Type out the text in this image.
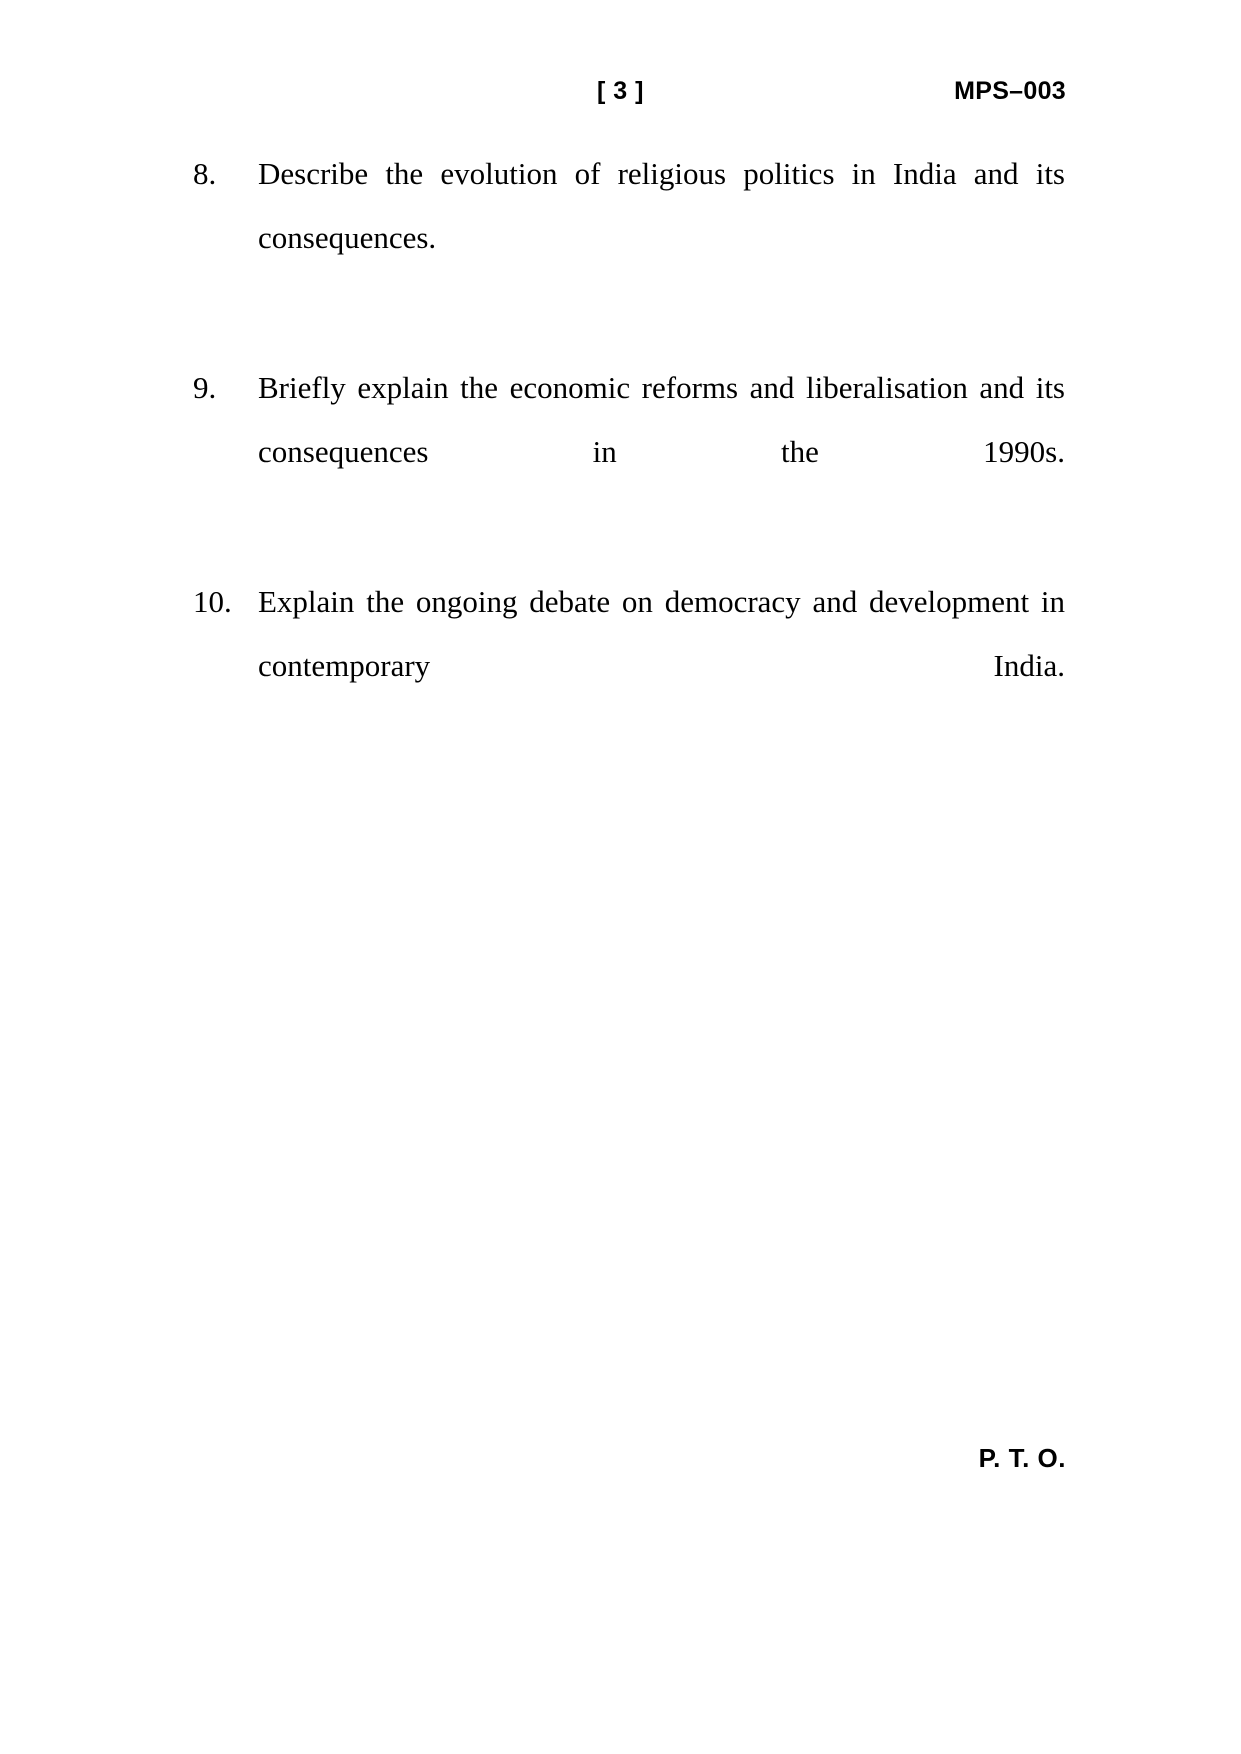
[ 3 ]	MPS–003
8.	Describe the evolution of religious politics in India and its consequences.
9.	Briefly explain the economic reforms and liberalisation and its consequences in the 1990s.
10. Explain the ongoing debate on democracy and development in contemporary India.
P. T. O.
